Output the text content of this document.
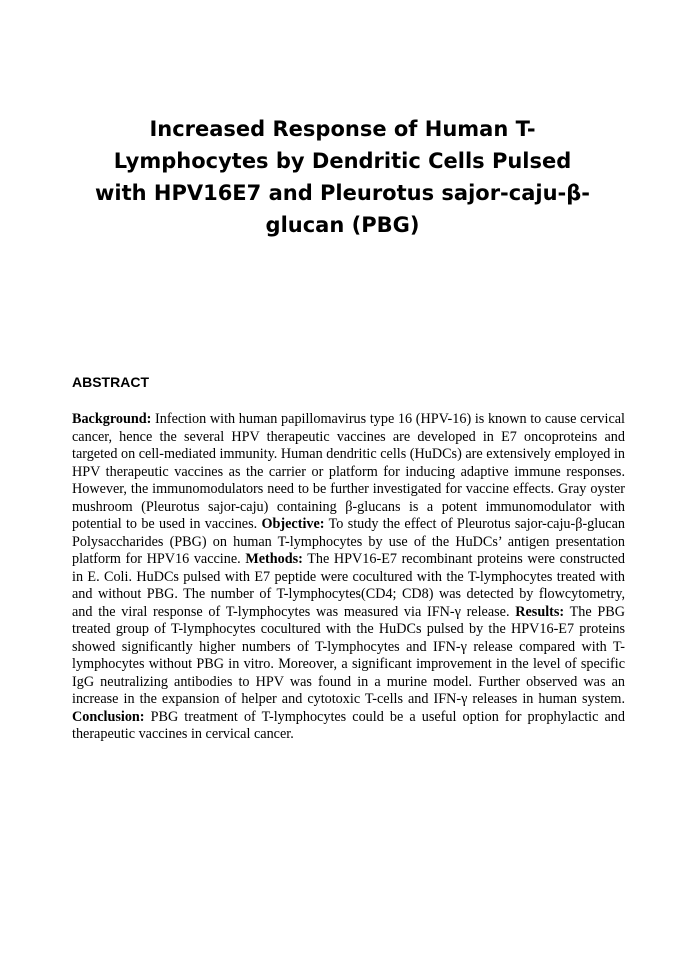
Increased Response of Human T-
Lymphocytes by Dendritic Cells Pulsed
with HPV16E7 and Pleurotus sajor-caju-β-
glucan (PBG)
ABSTRACT

Background: Infection with human papillomavirus type 16 (HPV-16) is known to cause cervical cancer, hence the several HPV therapeutic vaccines are developed in E7 oncoproteins and targeted on cell-mediated immunity. Human dendritic cells (HuDCs) are extensively employed in HPV therapeutic vaccines as the carrier or platform for inducing adaptive immune responses. However, the immunomodulators need to be further investigated for vaccine effects. Gray oyster mushroom (Pleurotus sajor-caju) containing β-glucans is a potent immunomodulator with potential to be used in vaccines. Objective: To study the effect of Pleurotus sajor-caju-β-glucan Polysaccharides (PBG) on human T-lymphocytes by use of the HuDCs’ antigen presentation platform for HPV16 vaccine. Methods: The HPV16-E7 recombinant proteins were constructed in E. Coli. HuDCs pulsed with E7 peptide were cocultured with the T-lymphocytes treated with and without PBG. The number of T-lymphocytes(CD4; CD8) was detected by flowcytometry, and the viral response of T-lymphocytes was measured via IFN-γ release. Results: The PBG treated group of T-lymphocytes cocultured with the HuDCs pulsed by the HPV16-E7 proteins showed significantly higher numbers of T-lymphocytes and IFN-γ release compared with T-lymphocytes without PBG in vitro. Moreover, a significant improvement in the level of specific IgG neutralizing antibodies to HPV was found in a murine model. Further observed was an increase in the expansion of helper and cytotoxic T-cells and IFN-γ releases in human system. Conclusion: PBG treatment of T-lymphocytes could be a useful option for prophylactic and therapeutic vaccines in cervical cancer.
